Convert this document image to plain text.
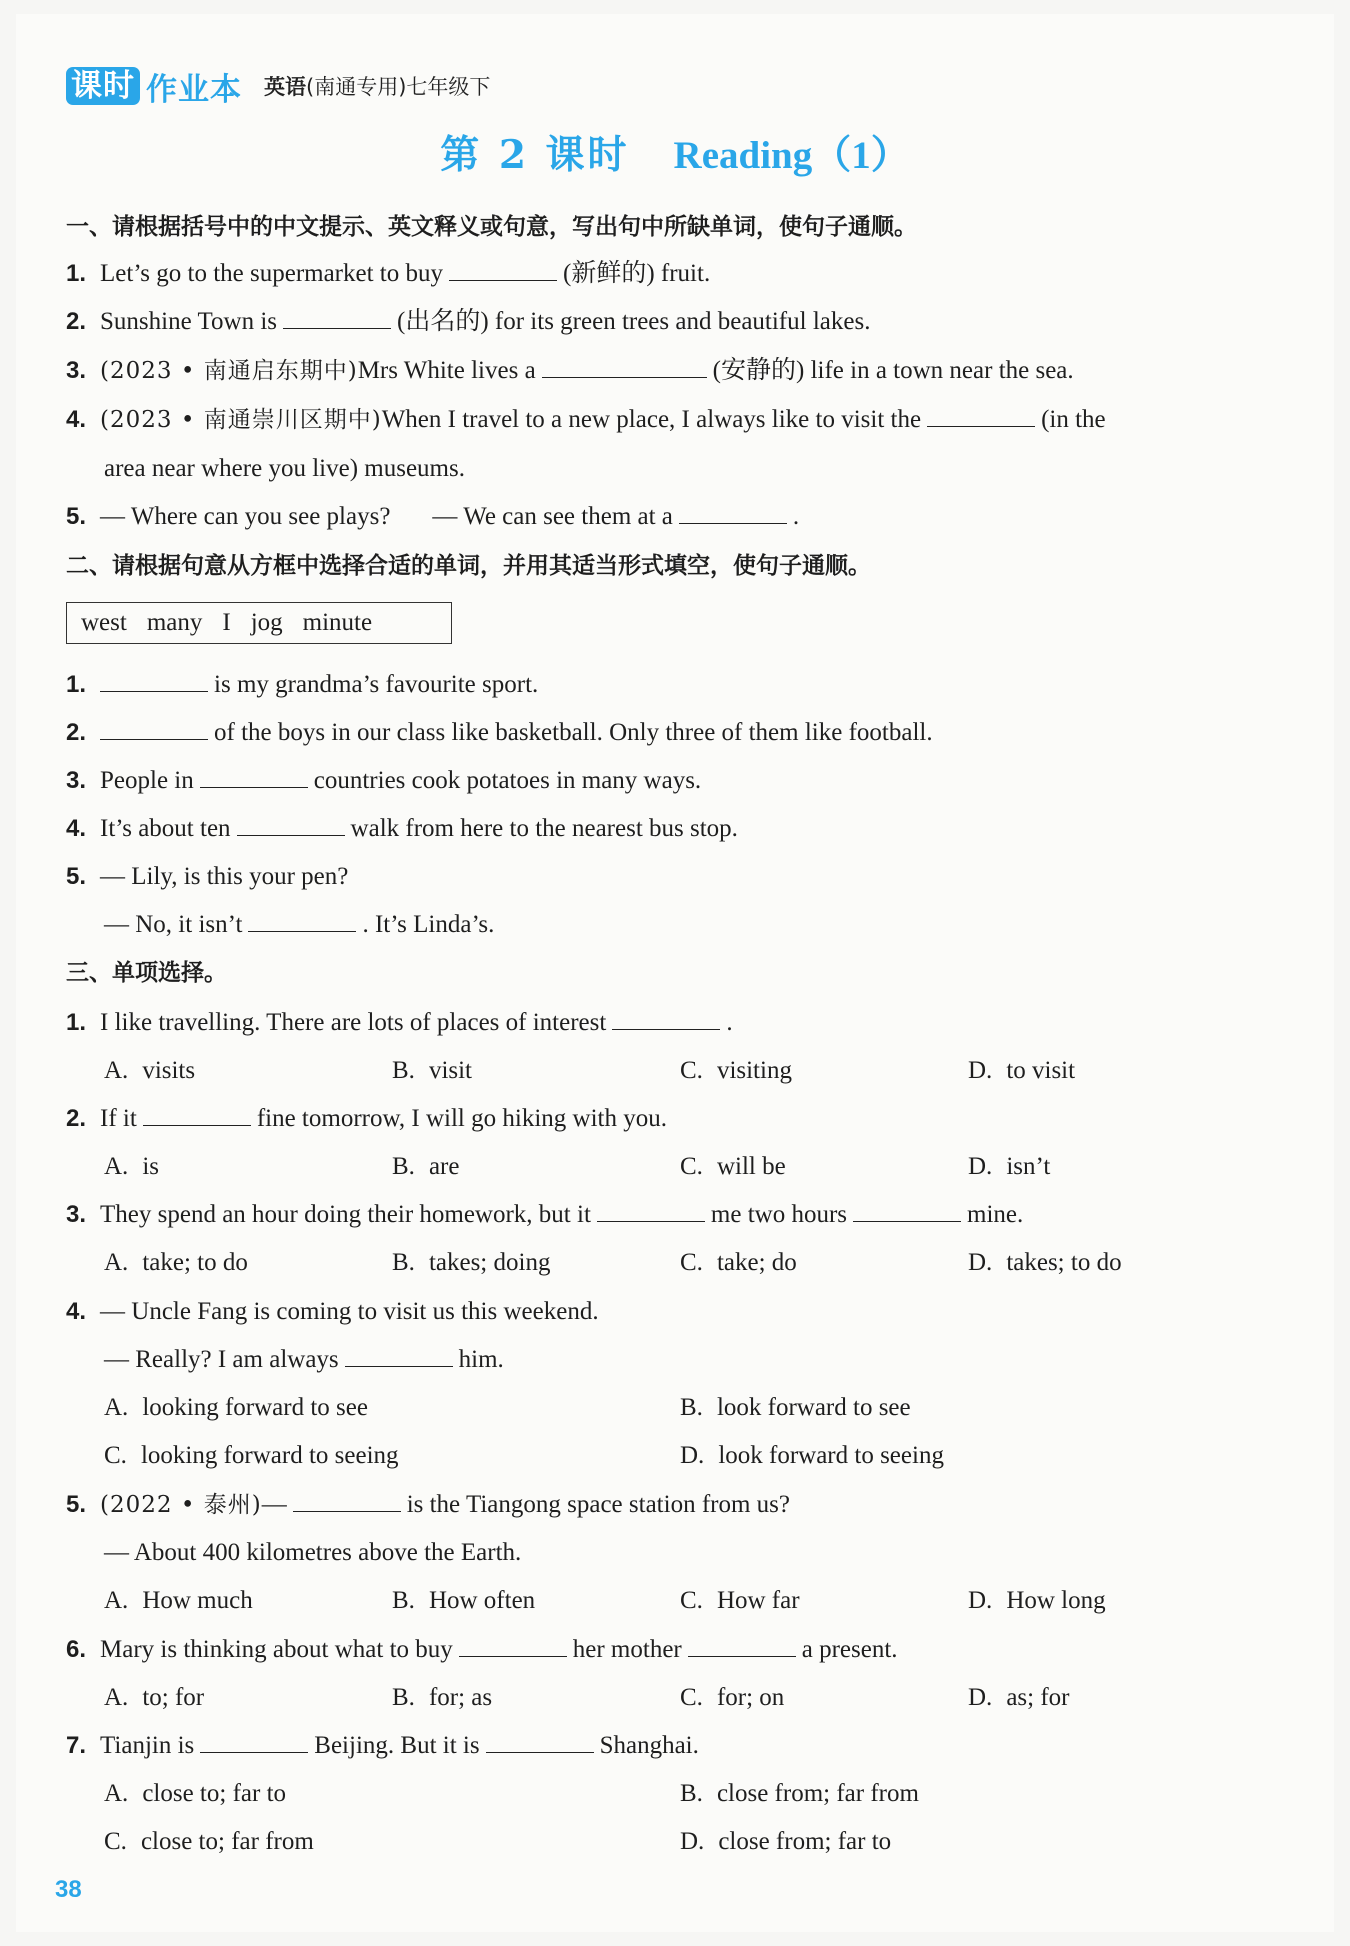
课时 作业本 英语(南通专用)七年级下
第 2 课时 Reading（1）
一、请根据括号中的中文提示、英文释义或句意，写出句中所缺单词，使句子通顺。
1. Let’s go to the supermarket to buy	(新鲜的) fruit.
2. Sunshine Town is	(出名的) for its green trees and beautiful lakes.
3. (2023 • 南通启东期中)Mrs White lives a	(安静的) life in a town near the sea.
4. (2023 • 南通崇川区期中)When I travel to a new place, I always like to visit the	(in the
area near where you live) museums.
5. — Where can you see plays? — We can see them at a	.
二、请根据句意从方框中选择合适的单词，并用其适当形式填空，使句子通顺。
west many I jog minute
1.	is my grandma’s favourite sport.
2.	of the boys in our class like basketball. Only three of them like football.
3. People in	countries cook potatoes in many ways.
4. It’s about ten	walk from here to the nearest bus stop.
5. — Lily, is this your pen?
— No, it isn’t	. It’s Linda’s.
三、单项选择。
1. I like travelling. There are lots of places of interest	.
A. visits	B. visit	C. visiting	D. to visit
2. If it	fine tomorrow, I will go hiking with you.
A. is	B. are	C. will be	D. isn’t
3. They spend an hour doing their homework, but it	me two hours	mine.
A. take; to do	B. takes; doing	C. take; do	D. takes; to do
4. — Uncle Fang is coming to visit us this weekend.
— Really? I am always	him.
A. looking forward to see	B. look forward to see
C. looking forward to seeing	D. look forward to seeing
5. (2022 • 泰州)—	is the Tiangong space station from us?
— About 400 kilometres above the Earth.
A. How much	B. How often	C. How far	D. How long
6. Mary is thinking about what to buy	her mother	a present.
A. to; for	B. for; as	C. for; on	D. as; for
7. Tianjin is	Beijing. But it is	Shanghai.
A. close to; far to	B. close from; far from
C. close to; far from	D. close from; far to
38
